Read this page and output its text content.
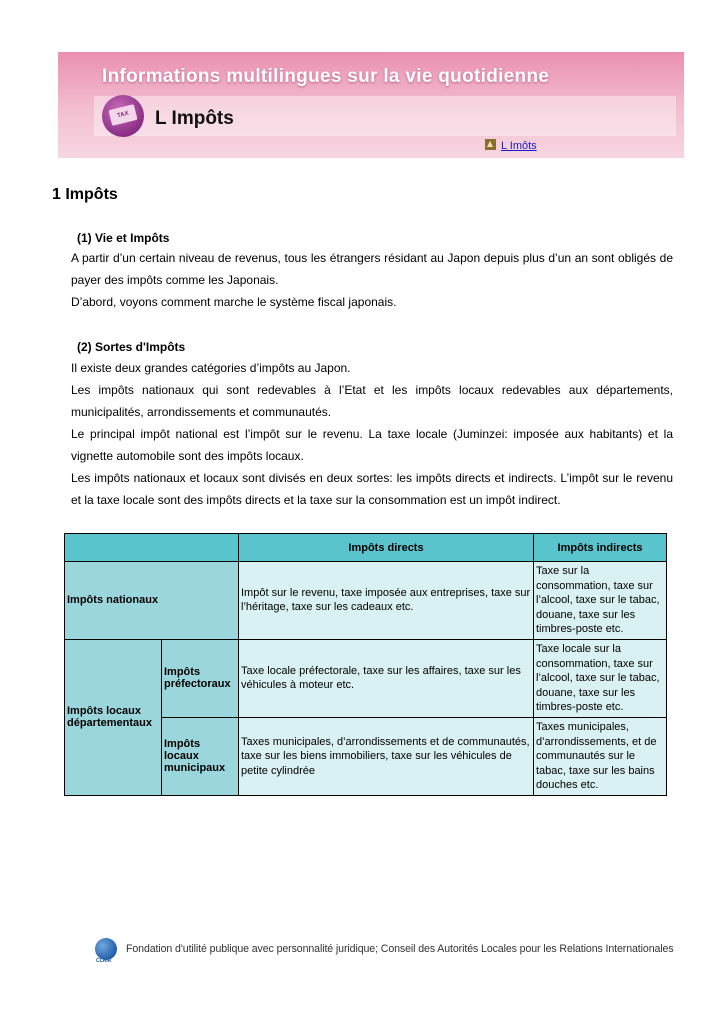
Informations multilingues sur la vie quotidienne
TAX	L Impôts
L Imôts
1 Impôts
(1) Vie et Impôts
A partir d’un certain niveau de revenus, tous les étrangers résidant au Japon depuis plus d’un an sont obligés de payer des impôts comme les Japonais.
D’abord, voyons comment marche le système fiscal japonais.
(2) Sortes d'Impôts
Il existe deux grandes catégories d’impôts au Japon.
Les impôts nationaux qui sont redevables à l’Etat et les impôts locaux redevables aux départements, municipalités, arrondissements et communautés.
Le principal impôt national est l’impôt sur le revenu. La taxe locale (Juminzei: imposée aux habitants) et la vignette automobile sont des impôts locaux.
Les impôts nationaux et locaux sont divisés en deux sortes: les impôts directs et indirects. L’impôt sur le revenu et la taxe locale sont des impôts directs et la taxe sur la consommation est un impôt indirect.
		Impôts directs	Impôts indirects
Impôts nationaux		Impôt sur le revenu, taxe imposée aux entreprises, taxe sur l’héritage, taxe sur les cadeaux etc.	Taxe sur la consommation, taxe sur l’alcool, taxe sur le tabac, douane, taxe sur les timbres-poste etc.
Impôts locaux départementaux	Impôts préfectoraux	Taxe locale préfectorale, taxe sur les affaires, taxe sur les véhicules à moteur etc.	Taxe locale sur la consommation, taxe sur l’alcool, taxe sur le tabac, douane, taxe sur les timbres-poste etc.
	Impôts locaux municipaux	Taxes municipales, d’arrondissements et de communautés, taxe sur les biens immobiliers, taxe sur les véhicules de petite cylindrée	Taxes municipales, d’arrondissements, et de communautés sur le tabac, taxe sur les bains douches etc.
CLAIR
Fondation d'utilité publique avec personnalité juridique; Conseil des Autorités Locales pour les Relations Internationales
